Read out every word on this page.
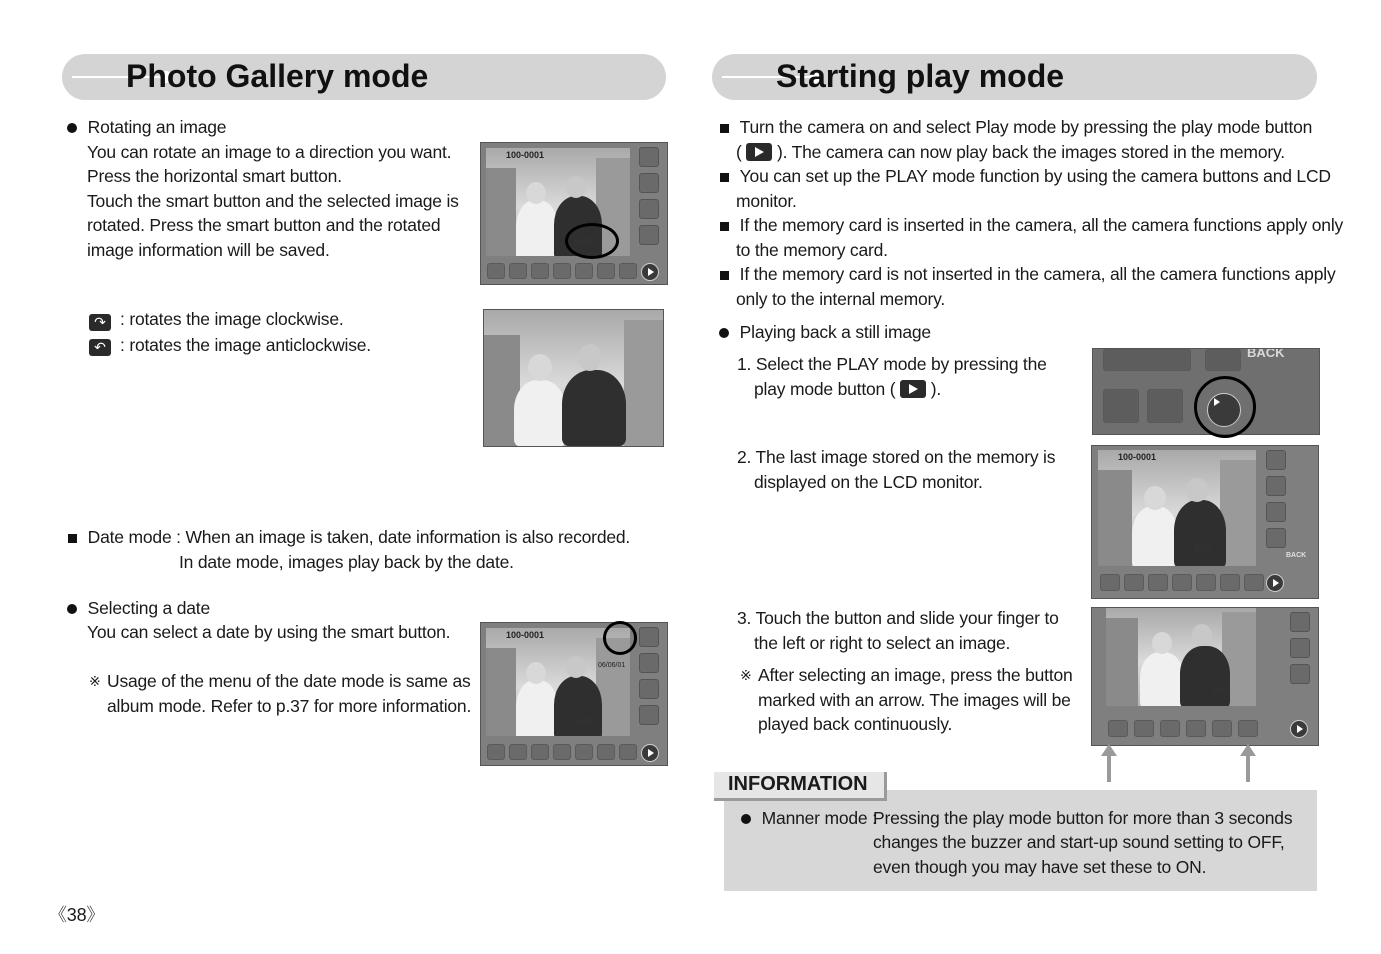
Photo Gallery mode
Rotating an image
You can rotate an image to a direction you want.
Press the horizontal smart button.
Touch the smart button and the selected image is
rotated. Press the smart button and the rotated
image information will be saved.
↷ : rotates the image clockwise.
↶ : rotates the image anticlockwise.
100-0001
Edit
Date mode : When an image is taken, date information is also recorded.
In date mode, images play back by the date.
Selecting a date
You can select a date by using the smart button.
※ Usage of the menu of the date mode is same as
album mode. Refer to p.37 for more information.
100-0001
06/06/01
Edit
《38》
Starting play mode
Turn the camera on and select Play mode by pressing the play mode button
( ). The camera can now play back the images stored in the memory.
You can set up the PLAY mode function by using the camera buttons and LCD
monitor.
If the memory card is inserted in the camera, all the camera functions apply only
to the memory card.
If the memory card is not inserted in the camera, all the camera functions apply
only to the internal memory.
Playing back a still image
1. Select the PLAY mode by pressing the
play mode button ( ).
2. The last image stored on the memory is
displayed on the LCD monitor.
3. Touch the button and slide your finger to
the left or right to select an image.
※ After selecting an image, press the button
marked with an arrow. The images will be
played back continuously.
BACK
100-0001
Edit
BACK
Edit
INFORMATION
Manner mode :
Pressing the play mode button for more than 3 seconds
changes the buzzer and start-up sound setting to OFF,
even though you may have set these to ON.
